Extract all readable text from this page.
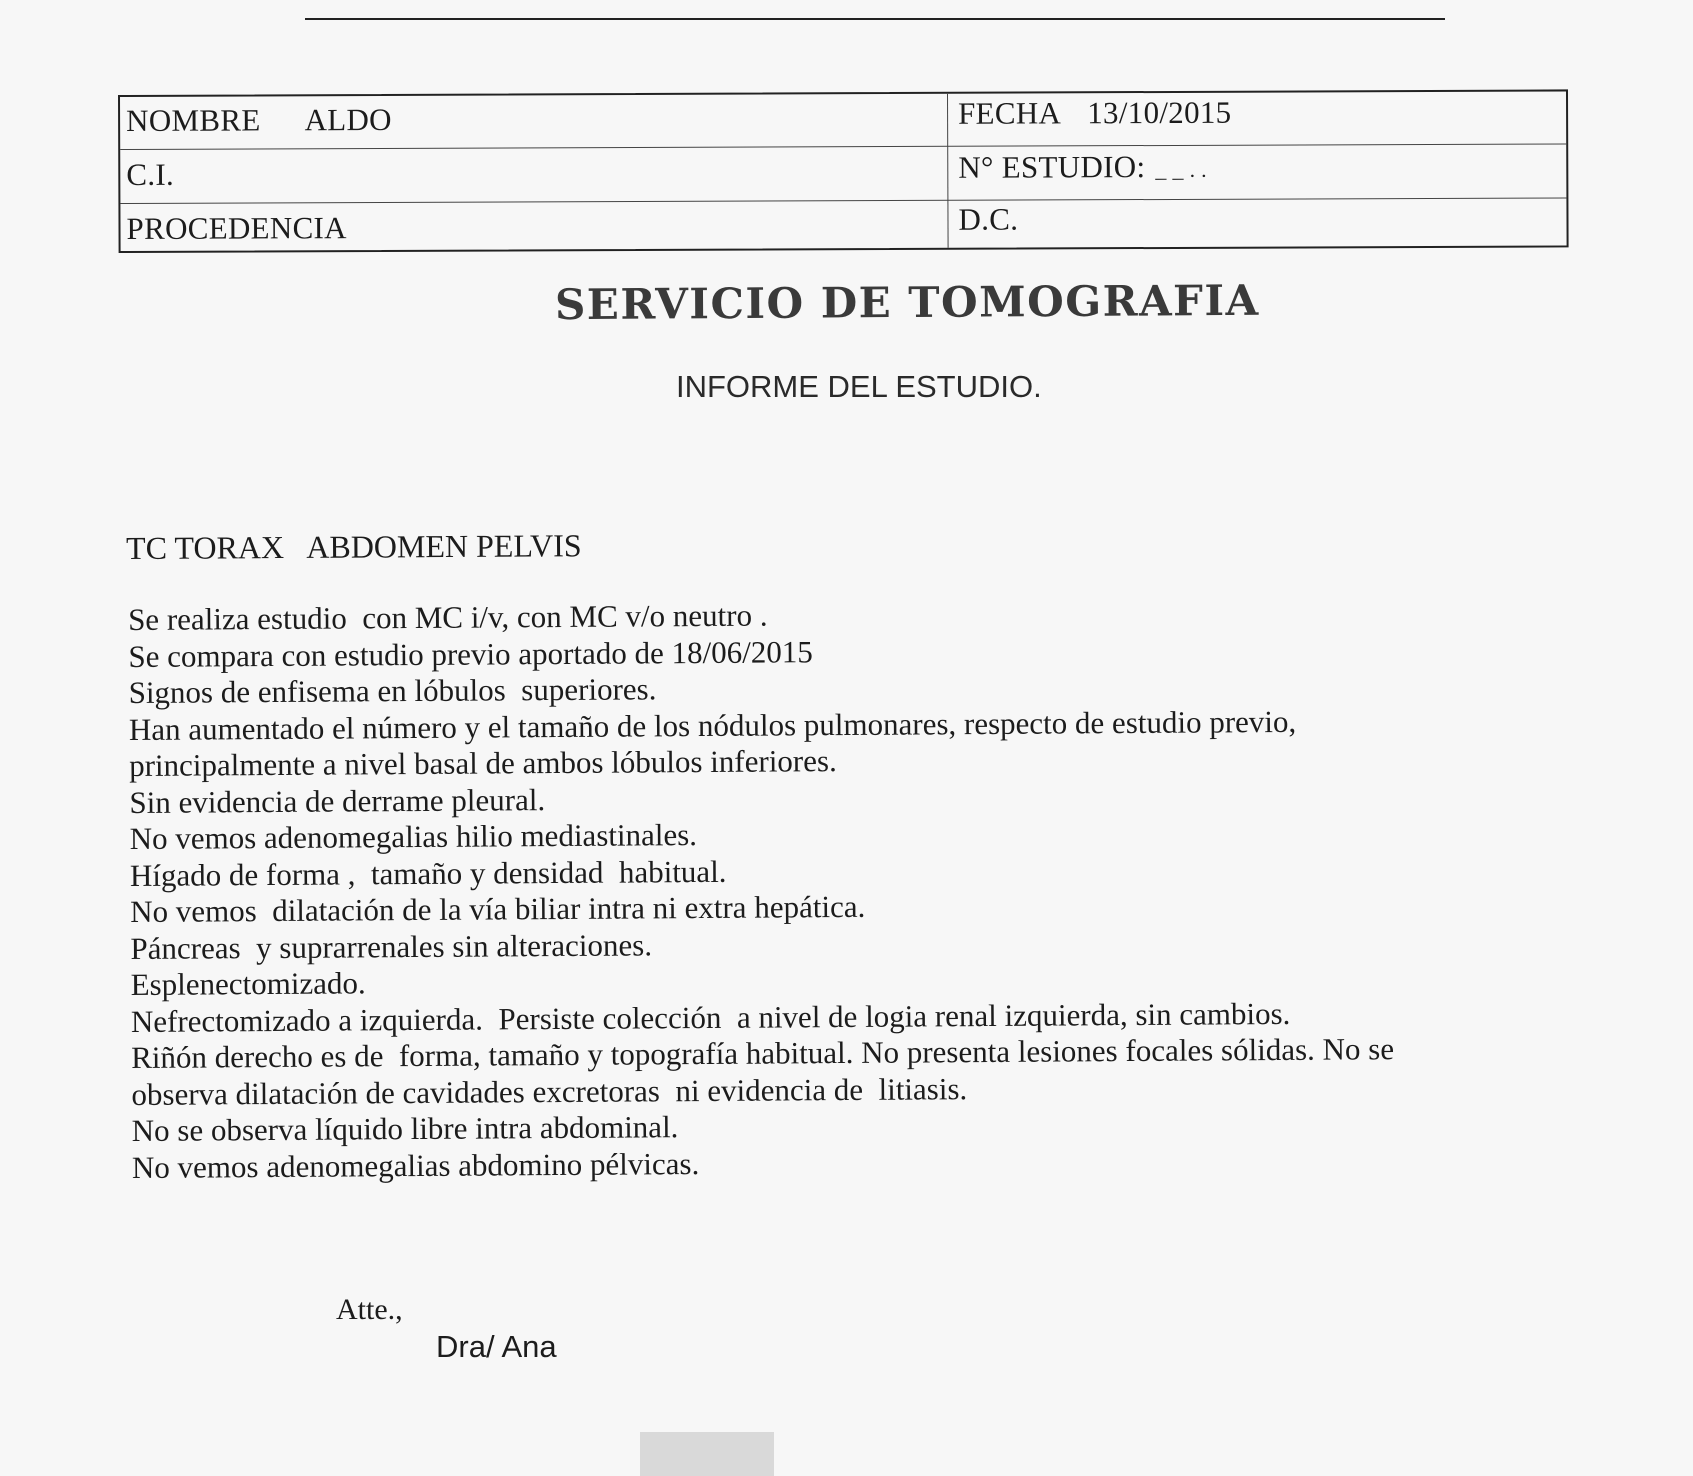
NOMBRE ALDO	FECHA 13/10/2015
C.I.	N° ESTUDIO: _ _ . .
PROCEDENCIA	D.C.
SERVICIO DE TOMOGRAFIA
INFORME DEL ESTUDIO.
TC TORAX   ABDOMEN PELVIS

Se realiza estudio  con MC i/v, con MC v/o neutro .

Se compara con estudio previo aportado de 18/06/2015

Signos de enfisema en lóbulos  superiores.

Han aumentado el número y el tamaño de los nódulos pulmonares, respecto de estudio previo,

principalmente a nivel basal de ambos lóbulos inferiores.

Sin evidencia de derrame pleural.

No vemos adenomegalias hilio mediastinales.

Hígado de forma ,  tamaño y densidad  habitual.

No vemos  dilatación de la vía biliar intra ni extra hepática.

Páncreas  y suprarrenales sin alteraciones.

Esplenectomizado.

Nefrectomizado a izquierda.  Persiste colección  a nivel de logia renal izquierda, sin cambios.

Riñón derecho es de  forma, tamaño y topografía habitual. No presenta lesiones focales sólidas. No se

observa dilatación de cavidades excretoras  ni evidencia de  litiasis.

No se observa líquido libre intra abdominal.

No vemos adenomegalias abdomino pélvicas.

Atte.,
Dra/ Ana
